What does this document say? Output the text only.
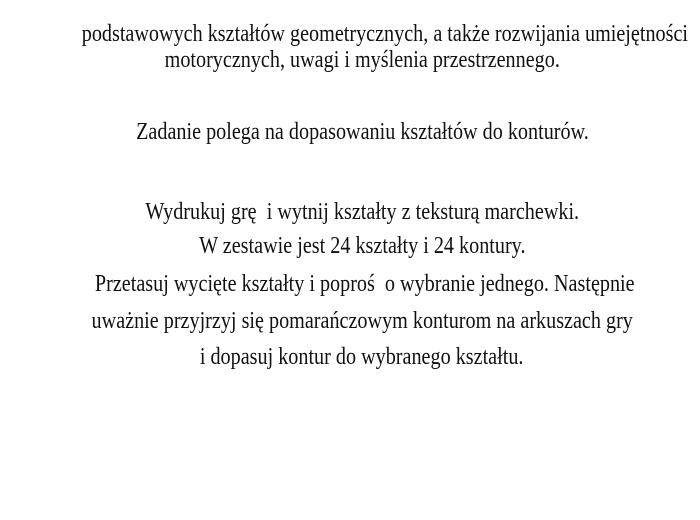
podstawowych kształtów geometrycznych, a także rozwijania umiejętności

motorycznych, uwagi i myślenia przestrzennego.

Zadanie polega na dopasowaniu kształtów do konturów.

Wydrukuj grę  i wytnij kształty z teksturą marchewki.

W zestawie jest 24 kształty i 24 kontury.

Przetasuj wycięte kształty i poproś  o wybranie jednego. Następnie

uważnie przyjrzyj się pomarańczowym konturom na arkuszach gry

i dopasuj kontur do wybranego kształtu.
